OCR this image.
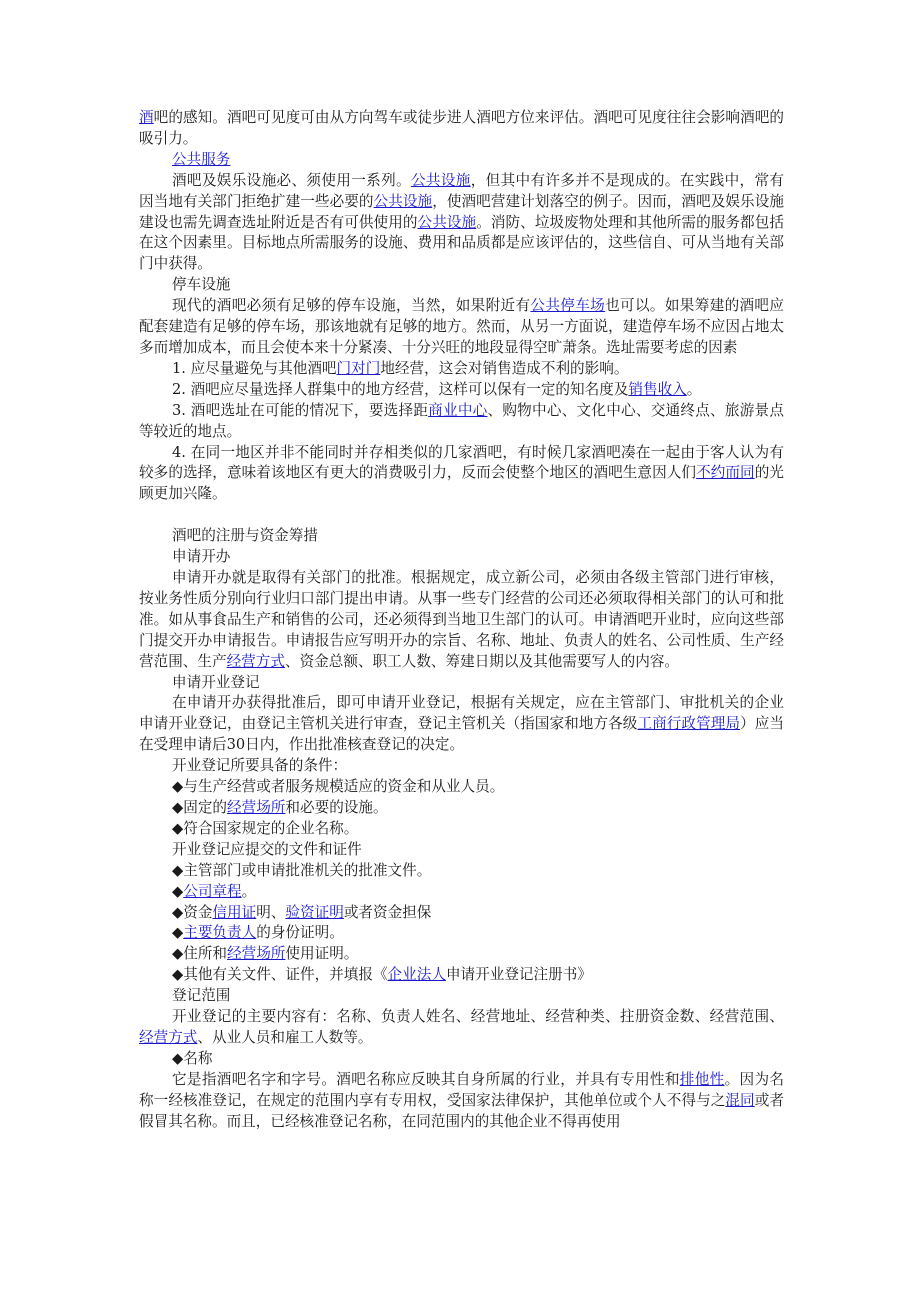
酒吧的感知。酒吧可见度可由从方向驾车或徒步进人酒吧方位来评估。酒吧可见度往往会影响酒吧的吸引力。

公共服务

酒吧及娱乐设施必、须使用一系列。公共设施，但其中有许多并不是现成的。在实践中，常有因当地有关部门拒绝扩建一些必要的公共设施，使酒吧营建计划落空的例子。因而，酒吧及娱乐设施建设也需先调查选址附近是否有可供使用的公共设施。消防、垃圾废物处理和其他所需的服务都包括在这个因素里。目标地点所需服务的设施、费用和品质都是应该评估的，这些信自、可从当地有关部门中获得。

停车设施

现代的酒吧必须有足够的停车设施，当然，如果附近有公共停车场也可以。如果筹建的酒吧应配套建造有足够的停车场，那该地就有足够的地方。然而，从另一方面说，建造停车场不应因占地太多而增加成本，而且会使本来十分紧凑、十分兴旺的地段显得空旷萧条。选址需要考虑的因素

1. 应尽量避免与其他酒吧门对门地经营，这会对销售造成不利的影响。

2. 酒吧应尽量选择人群集中的地方经营，这样可以保有一定的知名度及销售收入。

3. 酒吧选址在可能的情况下，要选择距商业中心、购物中心、文化中心、交通终点、旅游景点等较近的地点。

4. 在同一地区并非不能同时并存相类似的几家酒吧，有时候几家酒吧凑在一起由于客人认为有较多的选择，意味着该地区有更大的消费吸引力，反而会使整个地区的酒吧生意因人们不约而同的光顾更加兴隆。

酒吧的注册与资金筹措

申请开办

申请开办就是取得有关部门的批准。根据规定，成立新公司，必须由各级主管部门进行审核，按业务性质分别向行业归口部门提出申请。从事一些专门经营的公司还必须取得相关部门的认可和批准。如从事食品生产和销售的公司，还必须得到当地卫生部门的认可。申请酒吧开业时，应向这些部门提交开办申请报告。申请报告应写明开办的宗旨、名称、地址、负责人的姓名、公司性质、生产经营范围、生产经营方式、资金总额、职工人数、筹建日期以及其他需要写人的内容。

申请开业登记

在申请开办获得批准后，即可申请开业登记，根据有关规定，应在主管部门、审批机关的企业申请开业登记，由登记主管机关进行审查，登记主管机关（指国家和地方各级工商行政管理局）应当在受理申请后30日内，作出批准核查登记的决定。

开业登记所要具备的条件：

◆与生产经营或者服务规模适应的资金和从业人员。

◆固定的经营场所和必要的设施。

◆符合国家规定的企业名称。

开业登记应提交的文件和证件

◆主管部门或申请批准机关的批准文件。

◆公司章程。

◆资金信用证明、验资证明或者资金担保

◆主要负责人的身份证明。

◆住所和经营场所使用证明。

◆其他有关文件、证件，并填报《企业法人申请开业登记注册书》

登记范围

开业登记的主要内容有：名称、负责人姓名、经营地址、经营种类、拄册资金数、经营范围、经营方式、从业人员和雇工人数等。

◆名称

它是指酒吧名字和字号。酒吧名称应反映其自身所属的行业，并具有专用性和排他性。因为名称一经核准登记，在规定的范围内享有专用权，受国家法律保护，其他单位或个人不得与之混同或者假冒其名称。而且，已经核准登记名称，在同范围内的其他企业不得再使用
